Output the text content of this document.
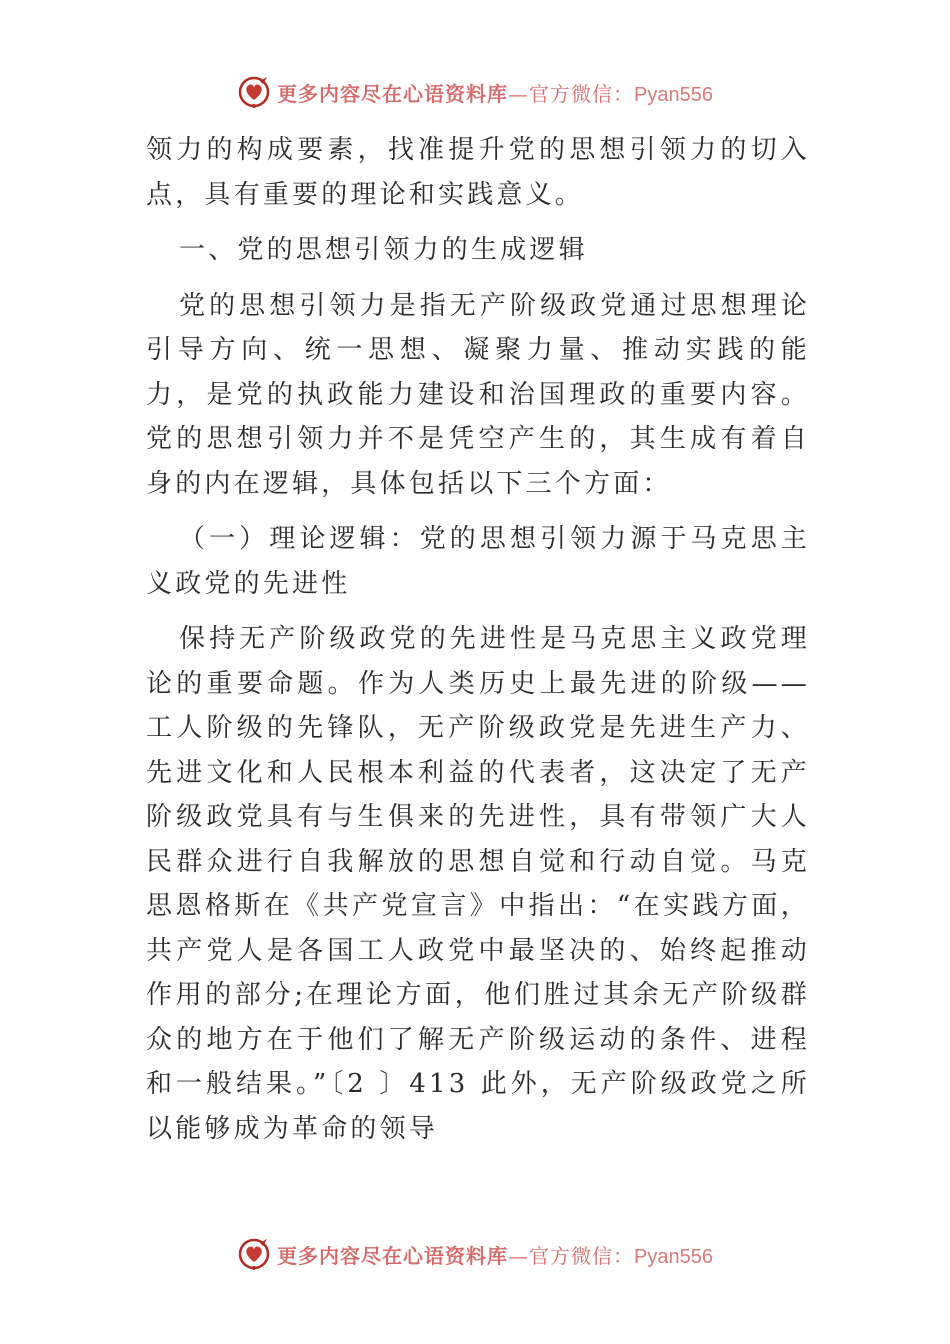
更多内容尽在心语资料库—官方微信：Pyan556

领力的构成要素，找准提升党的思想引领力的切入点，具有重要的理论和实践意义。

一、党的思想引领力的生成逻辑

党的思想引领力是指无产阶级政党通过思想理论引导方向、统一思想、凝聚力量、推动实践的能力，是党的执政能力建设和治国理政的重要内容。党的思想引领力并不是凭空产生的，其生成有着自身的内在逻辑，具体包括以下三个方面：

（一）理论逻辑：党的思想引领力源于马克思主义政党的先进性

保持无产阶级政党的先进性是马克思主义政党理论的重要命题。作为人类历史上最先进的阶级——工人阶级的先锋队，无产阶级政党是先进生产力、先进文化和人民根本利益的代表者，这决定了无产阶级政党具有与生俱来的先进性，具有带领广大人民群众进行自我解放的思想自觉和行动自觉。马克思恩格斯在《共产党宣言》中指出：“在实践方面，共产党人是各国工人政党中最坚决的、始终起推动作用的部分;在理论方面，他们胜过其余无产阶级群众的地方在于他们了解无产阶级运动的条件、进程和一般结果。”〔2 〕413 此外，无产阶级政党之所以能够成为革命的领导

更多内容尽在心语资料库—官方微信：Pyan556
